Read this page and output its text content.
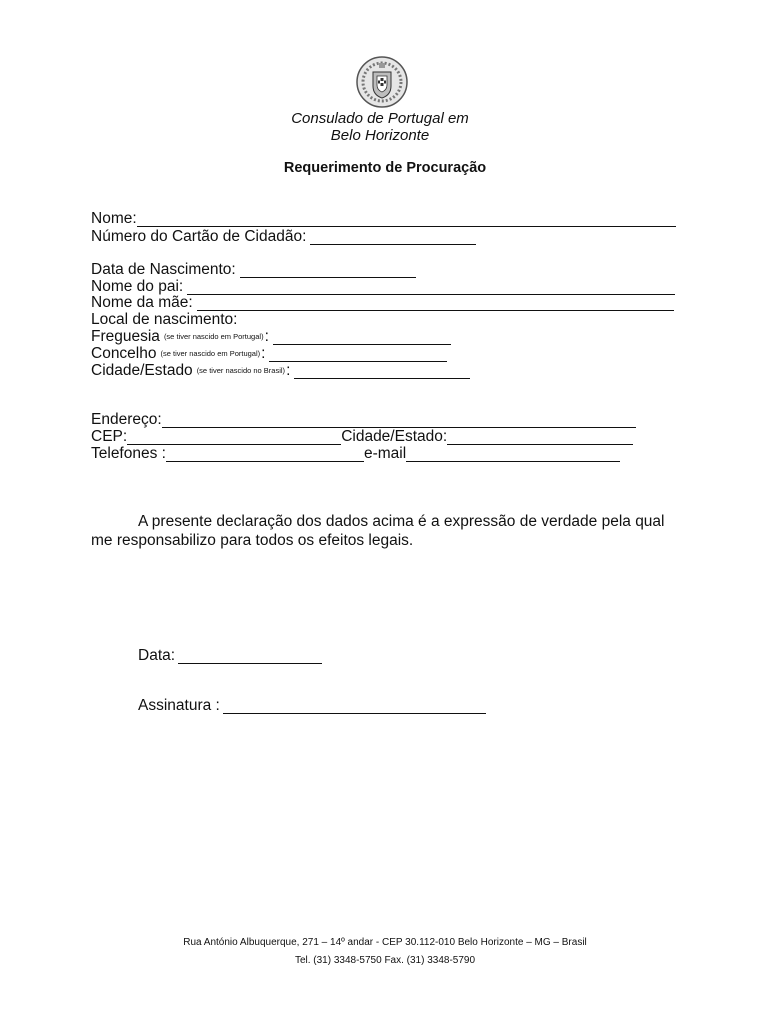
Consulado de Portugal em
Belo Horizonte
Requerimento de Procuração
Nome:
Número do Cartão de Cidadão:
Data de Nascimento:
Nome do pai:
Nome da mãe:
Local de nascimento:
Freguesia (se tiver nascido em Portugal) :
Concelho (se tiver nascido em Portugal) :
Cidade/Estado (se tiver nascido no Brasil) :
Endereço:
CEP:	Cidade/Estado:
Telefones :	e-mail
A presente declaração dos dados acima é a expressão de verdade pela qual me responsabilizo para todos os efeitos legais.
Data:
Assinatura :
Rua António Albuquerque, 271 – 14º andar - CEP 30.112-010 Belo Horizonte – MG – Brasil
Tel. (31) 3348-5750 Fax. (31) 3348-5790
